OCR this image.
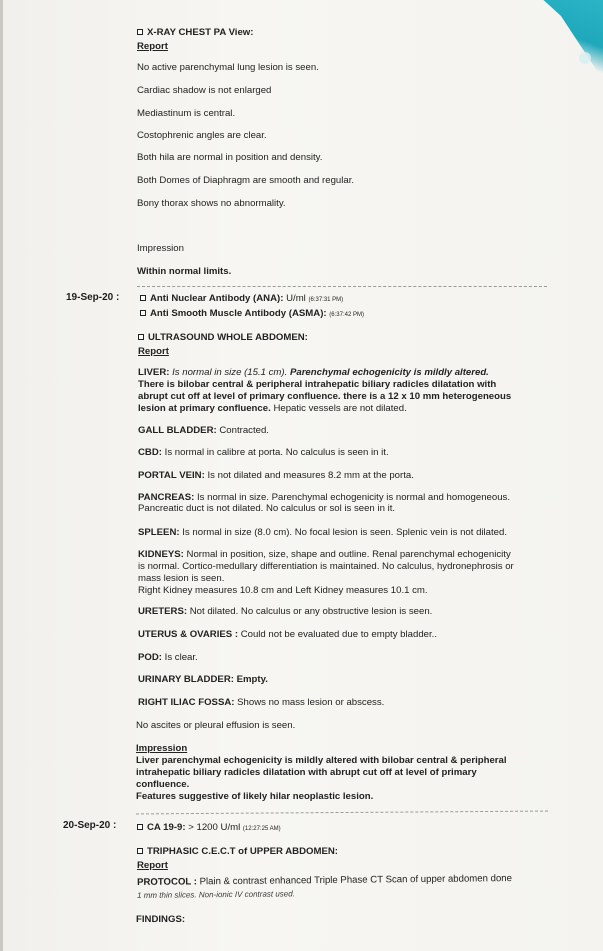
X-RAY CHEST PA View:
Report
No active parenchymal lung lesion is seen.
Cardiac shadow is not enlarged
Mediastinum is central.
Costophrenic angles are clear.
Both hila are normal in position and density.
Both Domes of Diaphragm are smooth and regular.
Bony thorax shows no abnormality.
Impression
Within normal limits.
19-Sep-20 :	Anti Nuclear Antibody (ANA): U/ml (6:37:31 PM)
Anti Smooth Muscle Antibody (ASMA): (6:37:42 PM)
ULTRASOUND WHOLE ABDOMEN:
Report
LIVER: Is normal in size (15.1 cm). Parenchymal echogenicity is mildly altered.
There is bilobar central & peripheral intrahepatic biliary radicles dilatation with
abrupt cut off at level of primary confluence. there is a 12 x 10 mm heterogeneous
lesion at primary confluence. Hepatic vessels are not dilated.
GALL BLADDER: Contracted.
CBD: Is normal in calibre at porta. No calculus is seen in it.
PORTAL VEIN: Is not dilated and measures 8.2 mm at the porta.
PANCREAS: Is normal in size. Parenchymal echogenicity is normal and homogeneous.
Pancreatic duct is not dilated. No calculus or sol is seen in it.
SPLEEN: Is normal in size (8.0 cm). No focal lesion is seen. Splenic vein is not dilated.
KIDNEYS: Normal in position, size, shape and outline. Renal parenchymal echogenicity
is normal. Cortico-medullary differentiation is maintained. No calculus, hydronephrosis or
mass lesion is seen.
Right Kidney measures 10.8 cm and Left Kidney measures 10.1 cm.
URETERS: Not dilated. No calculus or any obstructive lesion is seen.
UTERUS & OVARIES : Could not be evaluated due to empty bladder..
POD: Is clear.
URINARY BLADDER: Empty.
RIGHT ILIAC FOSSA: Shows no mass lesion or abscess.
No ascites or pleural effusion is seen.
Impression
Liver parenchymal echogenicity is mildly altered with bilobar central & peripheral
intrahepatic biliary radicles dilatation with abrupt cut off at level of primary
confluence.
Features suggestive of likely hilar neoplastic lesion.
20-Sep-20 :	CA 19-9: > 1200 U/ml (12:27:25 AM)
TRIPHASIC C.E.C.T of UPPER ABDOMEN:
Report
PROTOCOL : Plain & contrast enhanced Triple Phase CT Scan of upper abdomen done
1 mm thin slices. Non-ionic IV contrast used.
FINDINGS:
